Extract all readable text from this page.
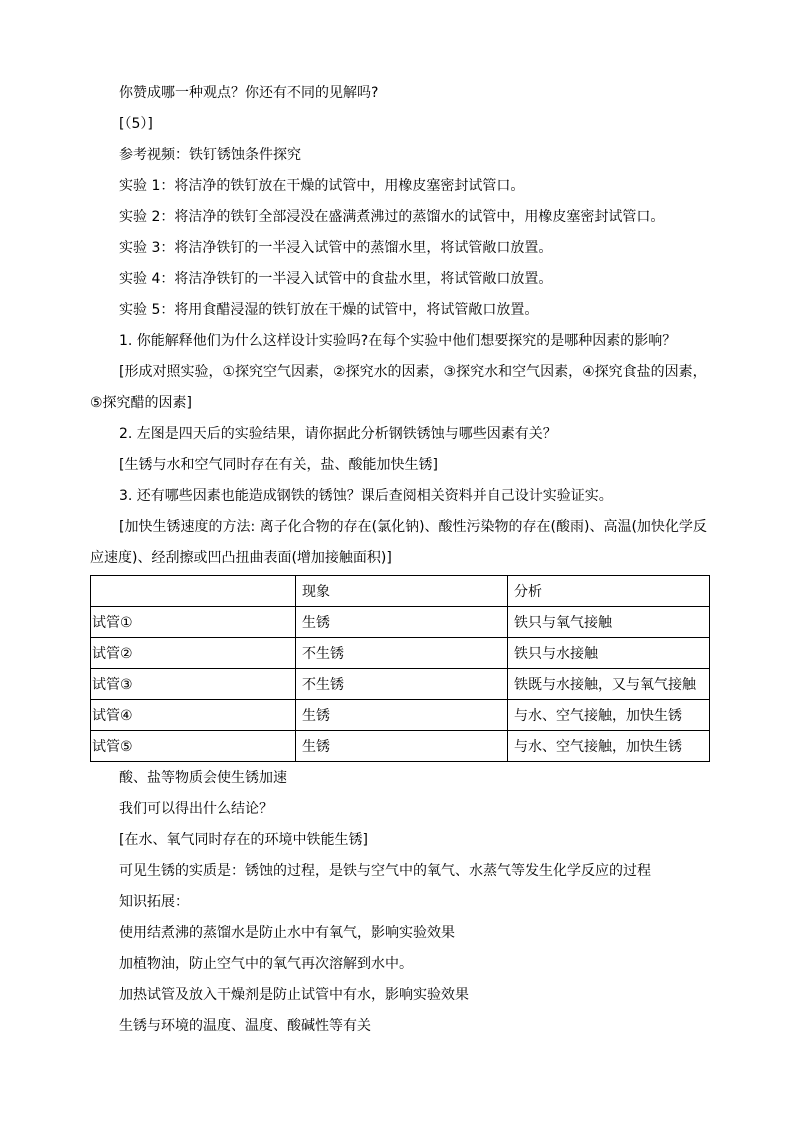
你赞成哪一种观点？你还有不同的见解吗?

[（5）]

参考视频：铁钉锈蚀条件探究

实验 1：将洁净的铁钉放在干燥的试管中，用橡皮塞密封试管口。

实验 2：将洁净的铁钉全部浸没在盛满煮沸过的蒸馏水的试管中，用橡皮塞密封试管口。

实验 3：将洁净铁钉的一半浸入试管中的蒸馏水里，将试管敞口放置。

实验 4：将洁净铁钉的一半浸入试管中的食盐水里，将试管敞口放置。

实验 5：将用食醋浸湿的铁钉放在干燥的试管中，将试管敞口放置。

1. 你能解释他们为什么这样设计实验吗?在每个实验中他们想要探究的是哪种因素的影响？

[形成对照实验，①探究空气因素，②探究水的因素，③探究水和空气因素，④探究食盐的因素，⑤探究醋的因素]

2. 左图是四天后的实验结果，请你据此分析钢铁锈蚀与哪些因素有关？

[生锈与水和空气同时存在有关，盐、酸能加快生锈]

3. 还有哪些因素也能造成钢铁的锈蚀？课后查阅相关资料并自己设计实验证实。

[加快生锈速度的方法: 离子化合物的存在(氯化钠)、酸性污染物的存在(酸雨)、高温(加快化学反应速度)、经刮擦或凹凸扭曲表面(增加接触面积)]

	现象	分析
试管①	生锈	铁只与氧气接触
试管②	不生锈	铁只与水接触
试管③	不生锈	铁既与水接触，又与氧气接触
试管④	生锈	与水、空气接触，加快生锈
试管⑤	生锈	与水、空气接触，加快生锈

酸、盐等物质会使生锈加速

我们可以得出什么结论？

[在水、氧气同时存在的环境中铁能生锈]

可见生锈的实质是：锈蚀的过程，是铁与空气中的氧气、水蒸气等发生化学反应的过程

知识拓展：

使用结煮沸的蒸馏水是防止水中有氧气，影响实验效果

加植物油，防止空气中的氧气再次溶解到水中。

加热试管及放入干燥剂是防止试管中有水，影响实验效果

生锈与环境的温度、温度、酸碱性等有关
